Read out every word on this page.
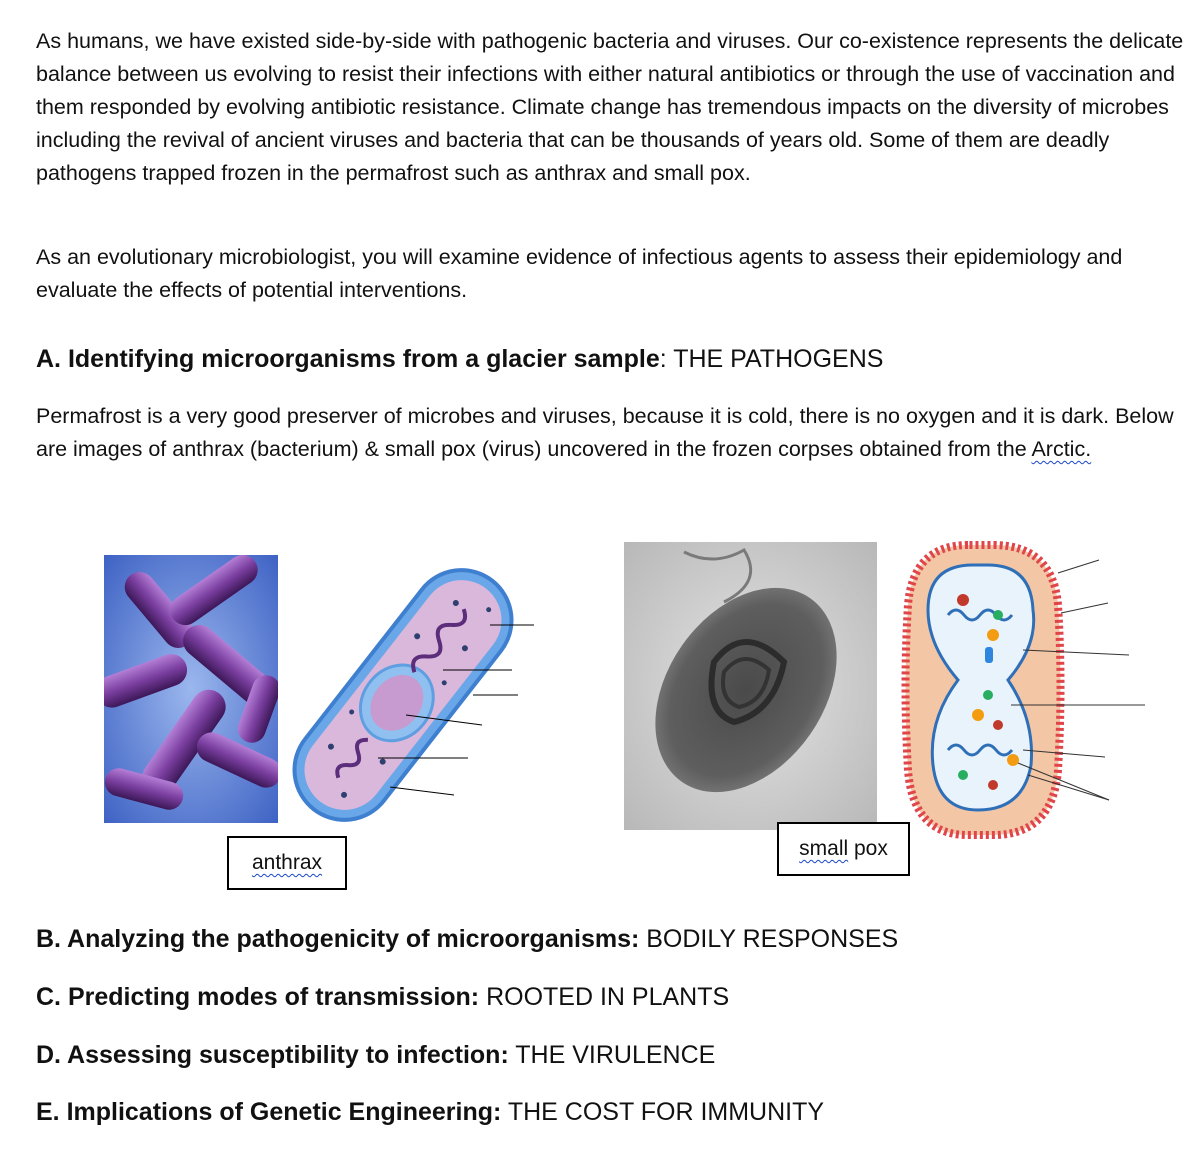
As humans, we have existed side-by-side with pathogenic bacteria and viruses. Our co-existence represents the delicate balance between us evolving to resist their infections with either natural antibiotics or through the use of vaccination and them responded by evolving antibiotic resistance. Climate change has tremendous impacts on the diversity of microbes including the revival of ancient viruses and bacteria that can be thousands of years old. Some of them are deadly pathogens trapped frozen in the permafrost such as anthrax and small pox.

As an evolutionary microbiologist, you will examine evidence of infectious agents to assess their epidemiology and evaluate the effects of potential interventions.

A. Identifying microorganisms from a glacier sample: THE PATHOGENS

Permafrost is a very good preserver of microbes and viruses, because it is cold, there is no oxygen and it is dark. Below are images of anthrax (bacterium) & small pox (virus) uncovered in the frozen corpses obtained from the Arctic.

anthrax
small pox
B. Analyzing the pathogenicity of microorganisms: BODILY RESPONSES
C. Predicting modes of transmission: ROOTED IN PLANTS
D. Assessing susceptibility to infection: THE VIRULENCE
E. Implications of Genetic Engineering: THE COST FOR IMMUNITY
